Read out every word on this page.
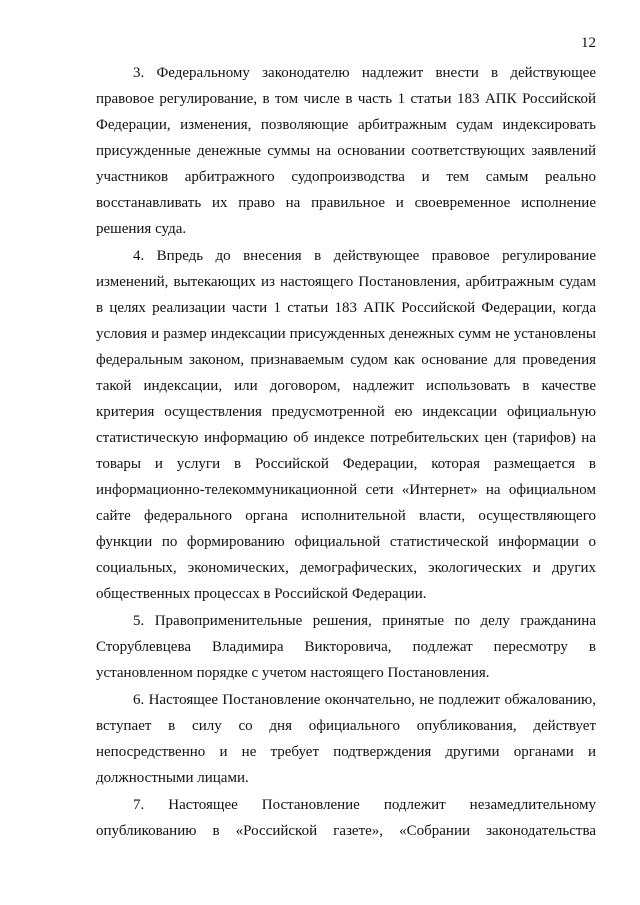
12
3. Федеральному законодателю надлежит внести в действующее
правовое регулирование, в том числе в часть 1 статьи 183 АПК Российской
Федерации, изменения, позволяющие арбитражным судам индексировать
присужденные денежные суммы на основании соответствующих заявлений
участников арбитражного судопроизводства и тем самым реально
восстанавливать их право на правильное и своевременное исполнение
решения суда.
4. Впредь до внесения в действующее правовое регулирование
изменений, вытекающих из настоящего Постановления, арбитражным судам
в целях реализации части 1 статьи 183 АПК Российской Федерации, когда
условия и размер индексации присужденных денежных сумм не установлены
федеральным законом, признаваемым судом как основание для проведения
такой индексации, или договором, надлежит использовать в качестве
критерия осуществления предусмотренной ею индексации официальную
статистическую информацию об индексе потребительских цен (тарифов) на
товары и услуги в Российской Федерации, которая размещается в
информационно-телекоммуникационной сети «Интернет» на официальном
сайте федерального органа исполнительной власти, осуществляющего
функции по формированию официальной статистической информации о
социальных, экономических, демографических, экологических и других
общественных процессах в Российской Федерации.
5. Правоприменительные решения, принятые по делу гражданина
Сторублевцева Владимира Викторовича, подлежат пересмотру в
установленном порядке с учетом настоящего Постановления.
6. Настоящее Постановление окончательно, не подлежит обжалованию,
вступает в силу со дня официального опубликования, действует
непосредственно и не требует подтверждения другими органами и
должностными лицами.
7. Настоящее Постановление подлежит незамедлительному
опубликованию в «Российской газете», «Собрании законодательства
